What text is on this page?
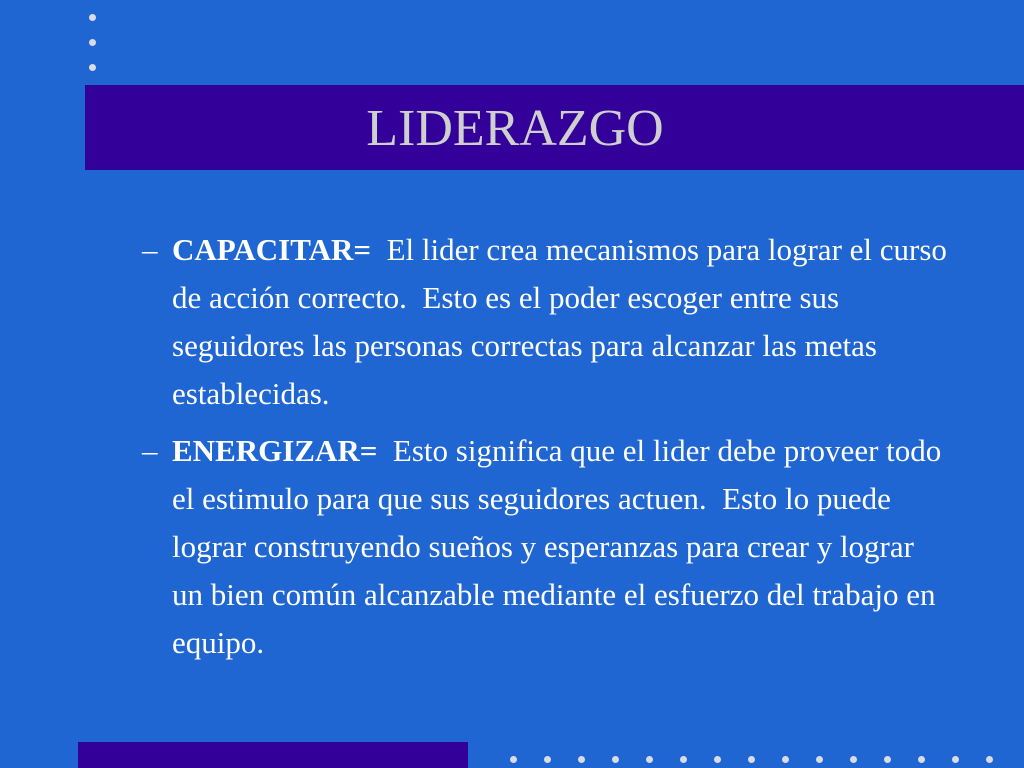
LIDERAZGO

– CAPACITAR=  El lider crea mecanismos para lograr el curso de acción correcto.  Esto es el poder escoger entre sus seguidores las personas correctas para alcanzar las metas establecidas.

– ENERGIZAR=  Esto significa que el lider debe proveer todo el estimulo para que sus seguidores actuen.  Esto lo puede lograr construyendo sueños y esperanzas para crear y lograr un bien común alcanzable mediante el esfuerzo del trabajo en equipo.
